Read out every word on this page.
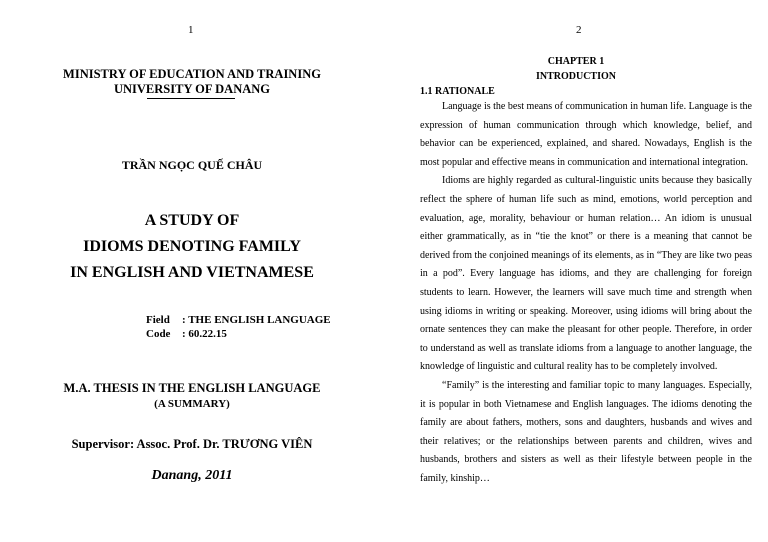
1
MINISTRY OF EDUCATION AND TRAINING
UNIVERSITY OF DANANG
TRẦN NGỌC QUẾ CHÂU
A STUDY OF
IDIOMS DENOTING FAMILY
IN ENGLISH AND VIETNAMESE
Field : THE ENGLISH LANGUAGE
Code : 60.22.15
M.A. THESIS IN THE ENGLISH LANGUAGE
(A SUMMARY)
Supervisor: Assoc. Prof. Dr. TRƯƠNG VIÊN
Danang, 2011
2
CHAPTER 1
INTRODUCTION
1.1 RATIONALE

Language is the best means of communication in human life. Language is the expression of human communication through which knowledge, belief, and behavior can be experienced, explained, and shared. Nowadays, English is the most popular and effective means in communication and international integration.

Idioms are highly regarded as cultural-linguistic units because they basically reflect the sphere of human life such as mind, emotions, world perception and evaluation, age, morality, behaviour or human relation… An idiom is unusual either grammatically, as in “tie the knot” or there is a meaning that cannot be derived from the conjoined meanings of its elements, as in “They are like two peas in a pod”. Every language has idioms, and they are challenging for foreign students to learn. However, the learners will save much time and strength when using idioms in writing or speaking. Moreover, using idioms will bring about the ornate sentences they can make the pleasant for other people. Therefore, in order to understand as well as translate idioms from a language to another language, the knowledge of linguistic and cultural reality has to be completely involved.

“Family” is the interesting and familiar topic to many languages. Especially, it is popular in both Vietnamese and English languages. The idioms denoting the family are about fathers, mothers, sons and daughters, husbands and wives and their relatives; or the relationships between parents and children, wives and husbands, brothers and sisters as well as their lifestyle between people in the family, kinship…
